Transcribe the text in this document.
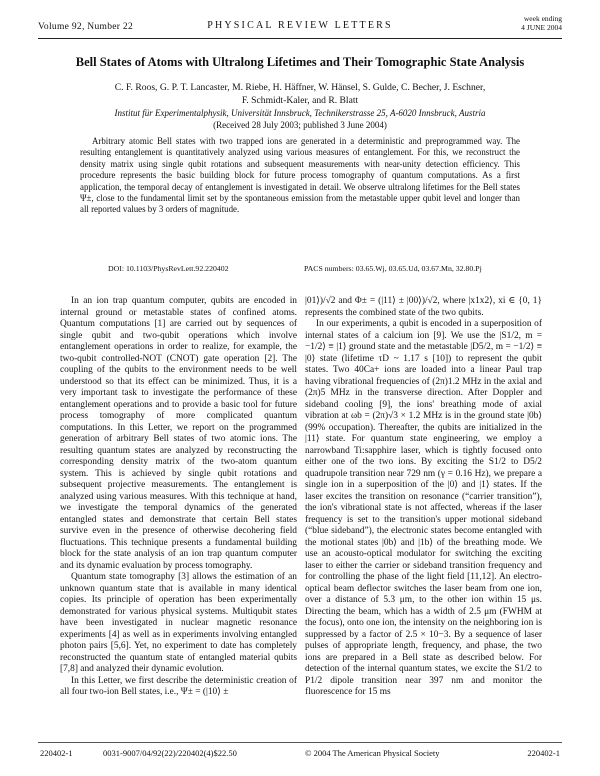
Volume 92, Number 22	PHYSICAL REVIEW LETTERS
week ending
4 JUNE 2004
Bell States of Atoms with Ultralong Lifetimes and Their Tomographic State Analysis
C. F. Roos, G. P. T. Lancaster, M. Riebe, H. Häffner, W. Hänsel, S. Gulde, C. Becher, J. Eschner,
F. Schmidt-Kaler, and R. Blatt
Institut für Experimentalphysik, Universität Innsbruck, Technikerstrasse 25, A-6020 Innsbruck, Austria
(Received 28 July 2003; published 3 June 2004)

Arbitrary atomic Bell states with two trapped ions are generated in a deterministic and preprogrammed way. The resulting entanglement is quantitatively analyzed using various measures of entanglement. For this, we reconstruct the density matrix using single qubit rotations and subsequent measurements with near-unity detection efficiency. This procedure represents the basic building block for future process tomography of quantum computations. As a first application, the temporal decay of entanglement is investigated in detail. We observe ultralong lifetimes for the Bell states Ψ±, close to the fundamental limit set by the spontaneous emission from the metastable upper qubit level and longer than all reported values by 3 orders of magnitude.

DOI: 10.1103/PhysRevLett.92.220402	PACS numbers: 03.65.Wj, 03.65.Ud, 03.67.Mn, 32.80.Pj

In an ion trap quantum computer, qubits are encoded in internal ground or metastable states of confined atoms. Quantum computations [1] are carried out by sequences of single qubit and two-qubit operations which involve entanglement operations in order to realize, for example, the two-qubit controlled-NOT (CNOT) gate operation [2]. The coupling of the qubits to the environment needs to be well understood so that its effect can be minimized. Thus, it is a very important task to investigate the performance of these entanglement operations and to provide a basic tool for future process tomography of more complicated quantum computations. In this Letter, we report on the programmed generation of arbitrary Bell states of two atomic ions. The resulting quantum states are analyzed by reconstructing the corresponding density matrix of the two-atom quantum system. This is achieved by single qubit rotations and subsequent projective measurements. The entanglement is analyzed using various measures. With this technique at hand, we investigate the temporal dynamics of the generated entangled states and demonstrate that certain Bell states survive even in the presence of otherwise decohering field fluctuations. This technique presents a fundamental building block for the state analysis of an ion trap quantum computer and its dynamic evaluation by process tomography.

Quantum state tomography [3] allows the estimation of an unknown quantum state that is available in many identical copies. Its principle of operation has been experimentally demonstrated for various physical systems. Multiqubit states have been investigated in nuclear magnetic resonance experiments [4] as well as in experiments involving entangled photon pairs [5,6]. Yet, no experiment to date has completely reconstructed the quantum state of entangled material qubits [7,8] and analyzed their dynamic evolution.

In this Letter, we first describe the deterministic creation of all four two-ion Bell states, i.e., Ψ± = (|10⟩ ±

|01⟩)/√2 and Φ± = (|11⟩ ± |00⟩)/√2, where |x1x2⟩, xi ∈ {0, 1} represents the combined state of the two qubits.

In our experiments, a qubit is encoded in a superposition of internal states of a calcium ion [9]. We use the |S1/2, m = −1/2⟩ ≡ |1⟩ ground state and the metastable |D5/2, m = −1/2⟩ ≡ |0⟩ state (lifetime τD ~ 1.17 s [10]) to represent the qubit states. Two 40Ca+ ions are loaded into a linear Paul trap having vibrational frequencies of (2π)1.2 MHz in the axial and (2π)5 MHz in the transverse direction. After Doppler and sideband cooling [9], the ions' breathing mode of axial vibration at ωb = (2π)√3 × 1.2 MHz is in the ground state |0b⟩ (99% occupation). Thereafter, the qubits are initialized in the |11⟩ state. For quantum state engineering, we employ a narrowband Ti:sapphire laser, which is tightly focused onto either one of the two ions. By exciting the S1/2 to D5/2 quadrupole transition near 729 nm (γ = 0.16 Hz), we prepare a single ion in a superposition of the |0⟩ and |1⟩ states. If the laser excites the transition on resonance (“carrier transition”), the ion's vibrational state is not affected, whereas if the laser frequency is set to the transition's upper motional sideband (“blue sideband”), the electronic states become entangled with the motional states |0b⟩ and |1b⟩ of the breathing mode. We use an acousto-optical modulator for switching the exciting laser to either the carrier or sideband transition frequency and for controlling the phase of the light field [11,12]. An electro-optical beam deflector switches the laser beam from one ion, over a distance of 5.3 μm, to the other ion within 15 μs. Directing the beam, which has a width of 2.5 μm (FWHM at the focus), onto one ion, the intensity on the neighboring ion is suppressed by a factor of 2.5 × 10−3. By a sequence of laser pulses of appropriate length, frequency, and phase, the two ions are prepared in a Bell state as described below. For detection of the internal quantum states, we excite the S1/2 to P1/2 dipole transition near 397 nm and monitor the fluorescence for 15 ms

220402-1	0031-9007/04/92(22)/220402(4)$22.50	© 2004 The American Physical Society	220402-1
